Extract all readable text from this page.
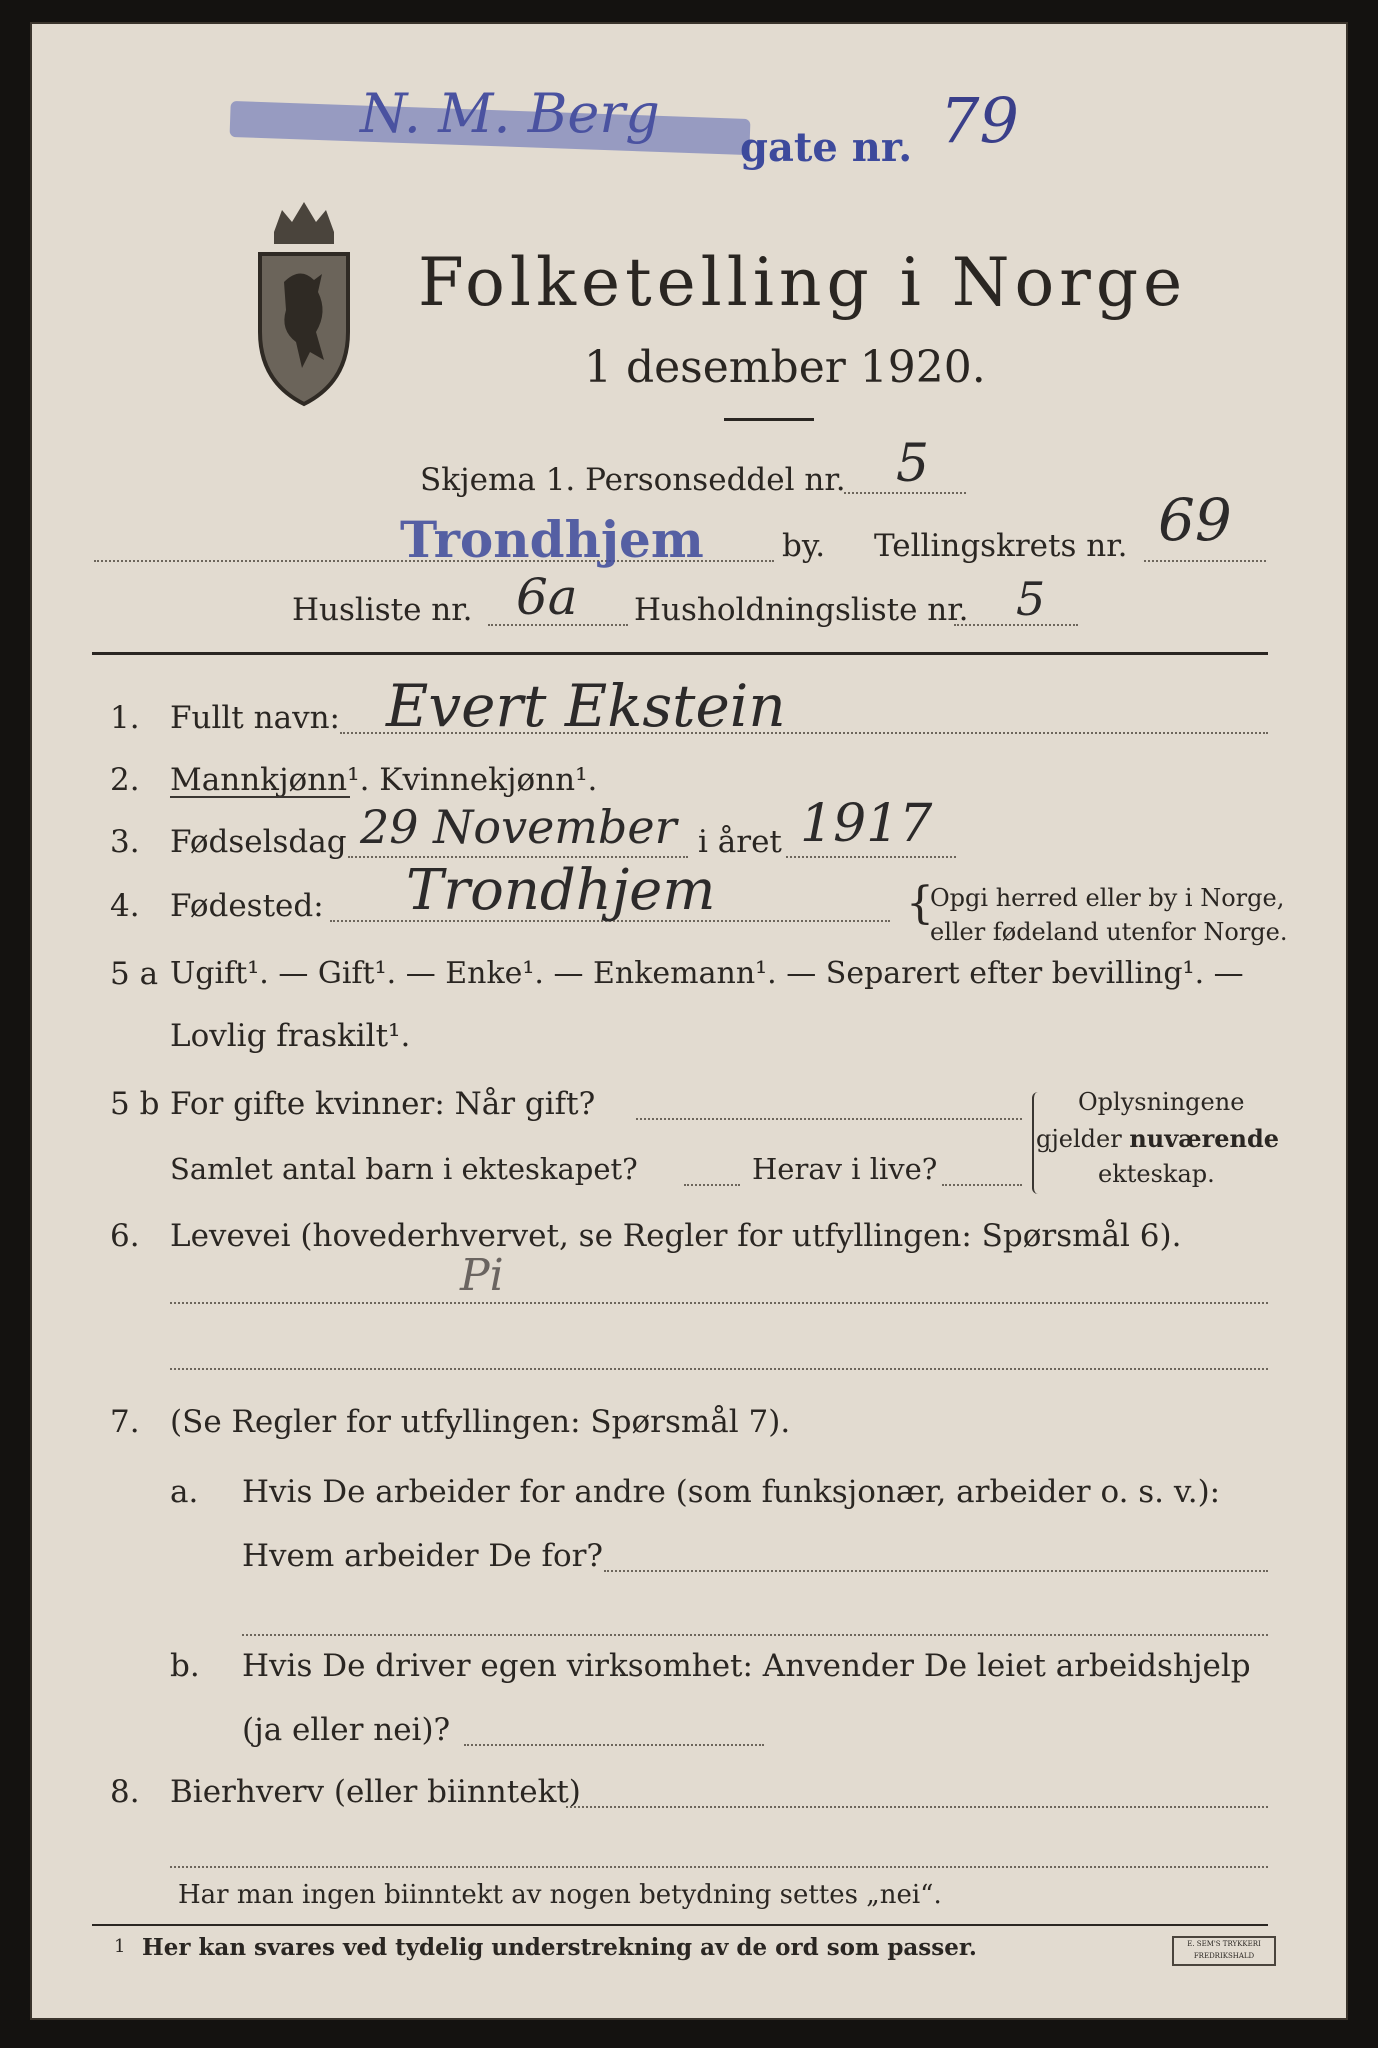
N. M. Berg
gate nr. 79
Folketelling i Norge
1 desember 1920.
Skjema 1. Personseddel nr. 5
Trondhjem	by. Tellingskrets nr. 69
Husliste nr. 6a Husholdningsliste nr. 5
1. Fullt navn: Evert Ekstein
2. Mannkjønn¹. Kvinnekjønn¹.
3. Fødselsdag 29 November i året 1917
4. Fødested: Trondhjem	{
Opgi herred eller by i Norge,
eller fødeland utenfor Norge.
5 a Ugift¹. — Gift¹. — Enke¹. — Enkemann¹. — Separert efter bevilling¹. —
Lovlig fraskilt¹.
5 b For gifte kvinner: Når gift?
Samlet antal barn i ekteskapet?	Herav i live?
Oplysningene
gjelder nuværende
ekteskap.
6. Levevei (hovederhvervet, se Regler for utfyllingen: Spørsmål 6).
Pi
7. (Se Regler for utfyllingen: Spørsmål 7).
a. Hvis De arbeider for andre (som funksjonær, arbeider o. s. v.):
Hvem arbeider De for?
b. Hvis De driver egen virksomhet: Anvender De leiet arbeidshjelp
(ja eller nei)?
8. Bierhverv (eller biinntekt)
Har man ingen biinntekt av nogen betydning settes „nei“.
1 Her kan svares ved tydelig understrekning av de ord som passer.	E. SEM'S TRYKKERI FREDRIKSHALD
